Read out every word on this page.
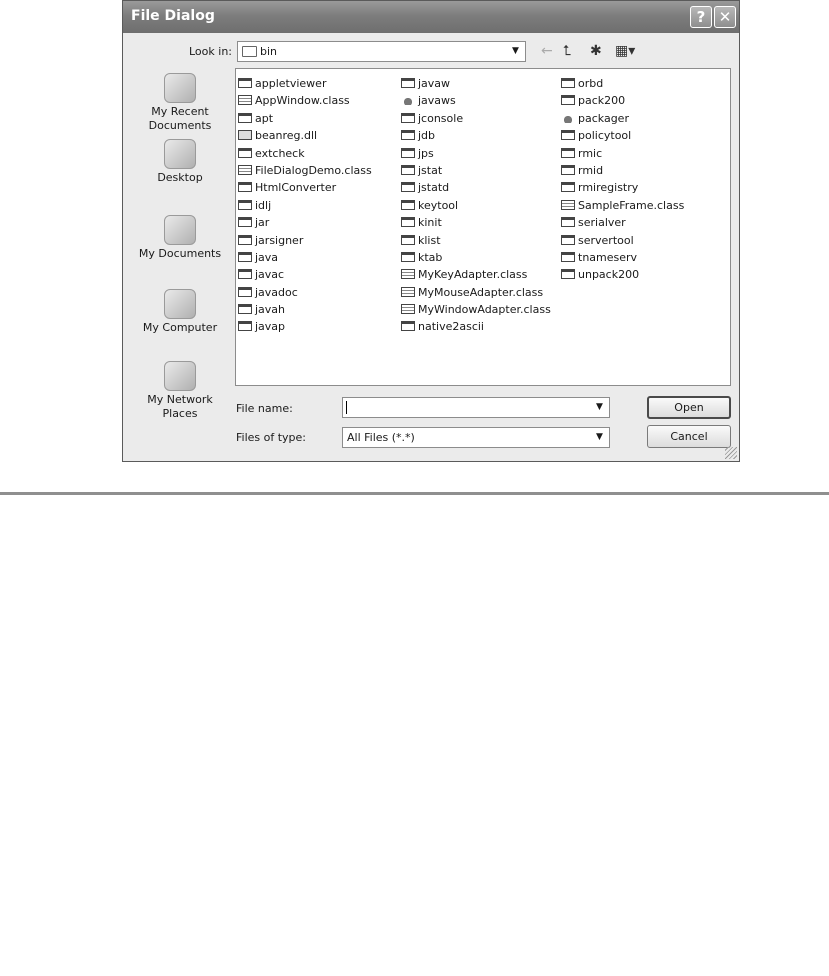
File Dialog	? ✕
Look in:	bin	▼ ← ⮤ ✱ ▦▾
My Recent Documents
Desktop
My Documents
My Computer
My Network Places
appletviewer
AppWindow.class
apt
beanreg.dll
extcheck
FileDialogDemo.class
HtmlConverter
idlj
jar
jarsigner
java
javac
javadoc
javah
javap
javaw
javaws
jconsole
jdb
jps
jstat
jstatd
keytool
kinit
klist
ktab
MyKeyAdapter.class
MyMouseAdapter.class
MyWindowAdapter.class
native2ascii
orbd
pack200
packager
policytool
rmic
rmid
rmiregistry
SampleFrame.class
serialver
servertool
tnameserv
unpack200
File name:	▼
Files of type:	All Files (*.*)	▼
Open
Cancel
